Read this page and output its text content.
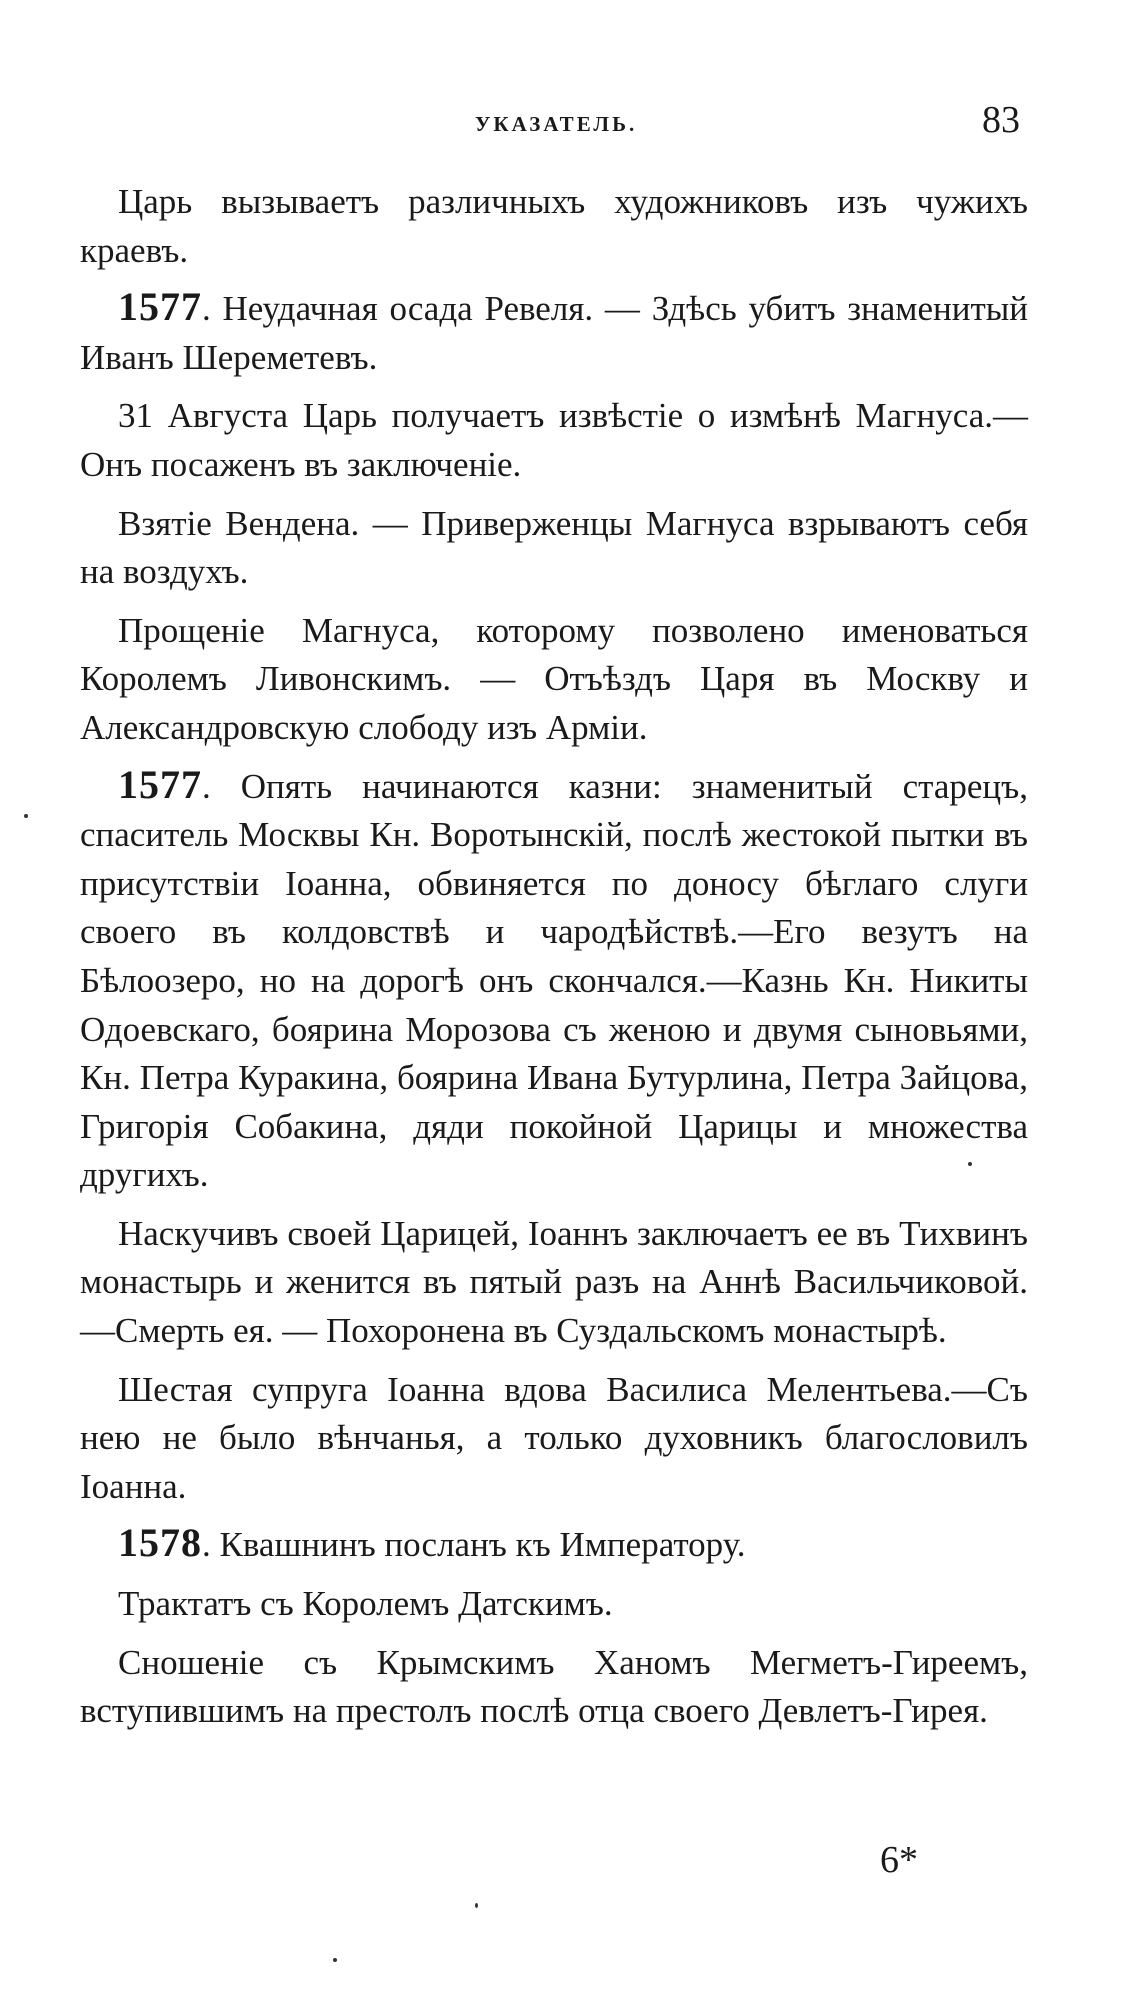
УКАЗАТЕЛЬ.	83

Царь вызываетъ различныхъ художниковъ изъ чужихъ краевъ.

1577. Неудачная осада Ревеля. — Здѣсь убитъ знаменитый Иванъ Шереметевъ.

31 Августа Царь получаетъ извѣстіе о измѣнѣ Магнуса.—Онъ посаженъ въ заключеніе.

Взятіе Вендена. — Приверженцы Магнуса взрываютъ себя на воздухъ.

Прощеніе Магнуса, которому позволено именоваться Королемъ Ливонскимъ. — Отъѣздъ Царя въ Москву и Александровскую слободу изъ Арміи.

1577. Опять начинаются казни: знаменитый старецъ, спаситель Москвы Кн. Воротынскій, послѣ жестокой пытки въ присутствіи Іоанна, обвиняется по доносу бѣглаго слуги своего въ колдовствѣ и чародѣйствѣ.—Его везутъ на Бѣлоозеро, но на дорогѣ онъ скончался.—Казнь Кн. Никиты Одоевскаго, боярина Морозова съ женою и двумя сыновьями, Кн. Петра Куракина, боярина Ивана Бутурлина, Петра Зайцова, Григорія Собакина, дяди покойной Царицы и множества другихъ.

Наскучивъ своей Царицей, Іоаннъ заключаетъ ее въ Тихвинъ монастырь и женится въ пятый разъ на Аннѣ Васильчиковой.—Смерть ея. — Похоронена въ Суздальскомъ монастырѣ.

Шестая супруга Іоанна вдова Василиса Мелентьева.—Съ нею не было вѣнчанья, а только духовникъ благословилъ Іоанна.

1578. Квашнинъ посланъ къ Императору.

Трактатъ съ Королемъ Датскимъ.

Сношеніе съ Крымскимъ Ханомъ Мегметъ-Гиреемъ, вступившимъ на престолъ послѣ отца своего Девлетъ-Гирея.

6*
